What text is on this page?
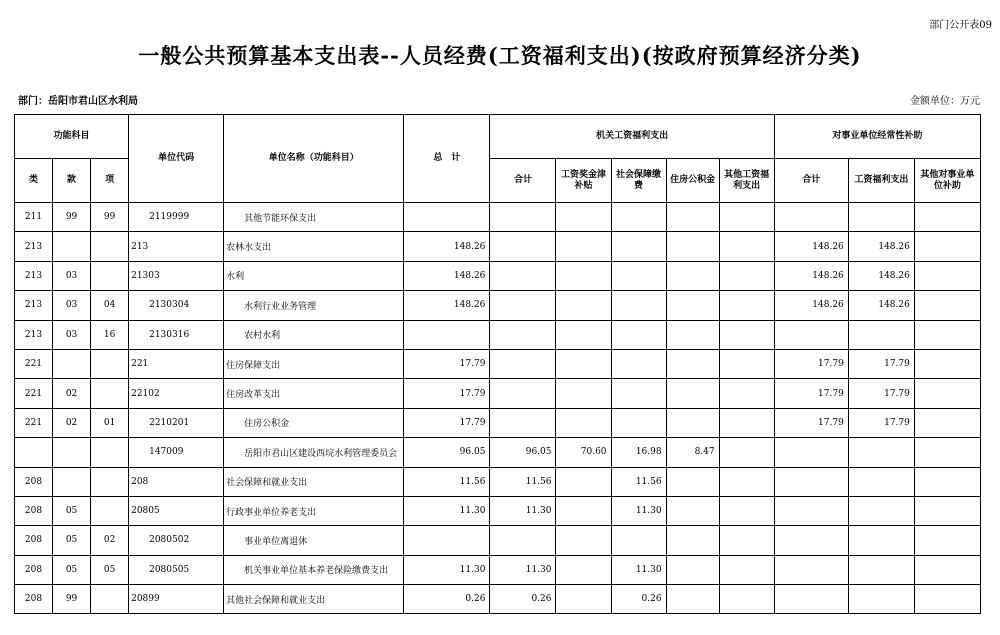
部门公开表09
一般公共预算基本支出表--人员经费(工资福利支出)(按政府预算经济分类)
部门：岳阳市君山区水利局	金额单位：万元
功能科目			单位代码	单位名称（功能科目）	总　计	机关工资福利支出					对事业单位经常性补助		
类	款	项				合计	工资奖金津补贴	社会保障缴费	住房公积金	其他工资福利支出	合计	工资福利支出	其他对事业单位补助
211	99	99	2119999	其他节能环保支出									
213			213	农林水支出	148.26						148.26	148.26	
213	03		21303	水利	148.26						148.26	148.26	
213	03	04	2130304	水利行业业务管理	148.26						148.26	148.26	
213	03	16	2130316	农村水利									
221			221	住房保障支出	17.79						17.79	17.79	
221	02		22102	住房改革支出	17.79						17.79	17.79	
221	02	01	2210201	住房公积金	17.79						17.79	17.79	
			147009	岳阳市君山区建设西垸水利管理委员会	96.05	96.05	70.60	16.98	8.47				
208			208	社会保障和就业支出	11.56	11.56		11.56					
208	05		20805	行政事业单位养老支出	11.30	11.30		11.30					
208	05	02	2080502	事业单位离退休									
208	05	05	2080505	机关事业单位基本养老保险缴费支出	11.30	11.30		11.30					
208	99		20899	其他社会保障和就业支出	0.26	0.26		0.26					
